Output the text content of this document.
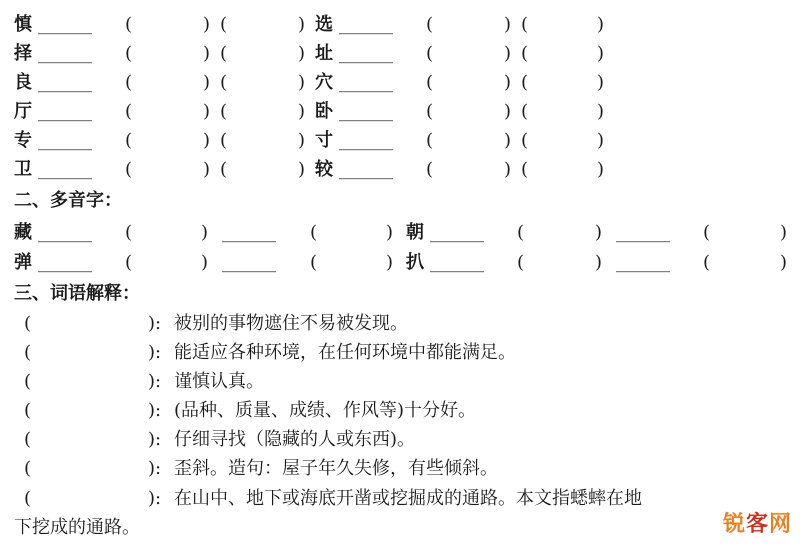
慎 ______ (	) (	) 选 ______ (	) (	)
择 ______ (	) (	) 址 ______ (	) (	)
良 ______ (	) (	) 穴 ______ (	) (	)
厅 ______ (	) (	) 卧 ______ (	) (	)
专 ______ (	) (	) 寸 ______ (	) (	)
卫 ______ (	) (	) 较 ______ (	) (	)
二、多音字：
藏 ______ (	) ______ (	) 朝 ______ (	) ______ (	)
弹 ______ (	) ______ (	) 扒 ______ (	) ______ (	)
三、词语解释：
(	): 被别的事物遮住不易被发现。
(	): 能适应各种环境，在任何环境中都能满足。
(	): 谨慎认真。
(	): (品种、质量、成绩、作风等)十分好。
(	): 仔细寻找（隐藏的人或东西)。
(	): 歪斜。造句：屋子年久失修，有些倾斜。
(	): 在山中、地下或海底开凿或挖掘成的通路。本文指蟋蟀在地
下挖成的通路。	锐客网
